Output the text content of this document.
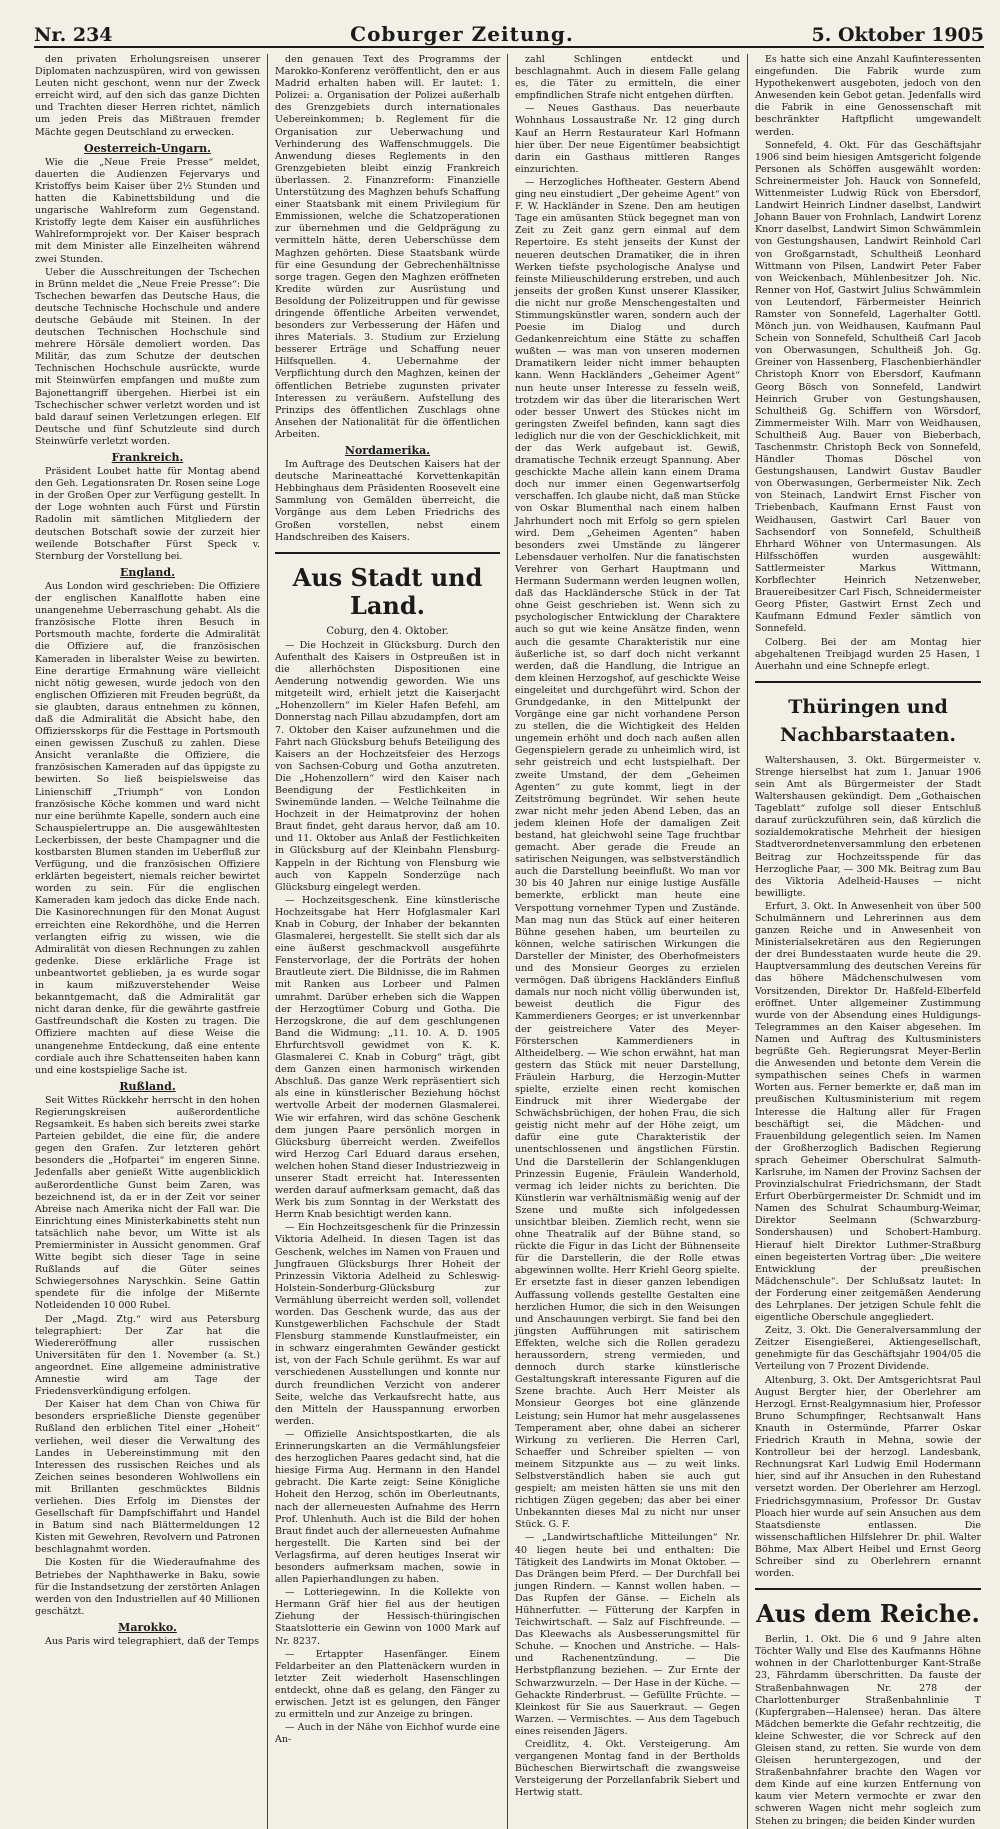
Nr. 234	Coburger Zeitung.	5. Oktober 1905

den privaten Erholungsreisen unserer Diplomaten nachzuspüren, wird von gewissen Leuten nicht geschont, wenn nur der Zweck erreicht wird, auf den sich das ganze Dichten und Trachten dieser Herren richtet, nämlich um jeden Preis das Mißtrauen fremder Mächte gegen Deutschland zu erwecken.

Oesterreich-Ungarn.

Wie die „Neue Freie Presse“ meldet, dauerten die Audienzen Fejervarys und Kristoffys beim Kaiser über 2½ Stunden und hatten die Kabinettsbildung und die ungarische Wahlreform zum Gegenstand. Kristoffy legte dem Kaiser ein ausführliches Wahlreformprojekt vor. Der Kaiser besprach mit dem Minister alle Einzelheiten während zwei Stunden.

Ueber die Ausschreitungen der Tschechen in Brünn meldet die „Neue Freie Presse“: Die Tschechen bewarfen das Deutsche Haus, die deutsche Technische Hochschule und andere deutsche Gebäude mit Steinen. In der deutschen Technischen Hochschule sind mehrere Hörsäle demoliert worden. Das Militär, das zum Schutze der deutschen Technischen Hochschule ausrückte, wurde mit Steinwürfen empfangen und mußte zum Bajonettangriff übergehen. Hierbei ist ein Tschechischer schwer verletzt worden und ist bald darauf seinen Verletzungen erlegen. Elf Deutsche und fünf Schutzleute sind durch Steinwürfe verletzt worden.

Frankreich.

Präsident Loubet hatte für Montag abend den Geh. Legationsraten Dr. Rosen seine Loge in der Großen Oper zur Verfügung gestellt. In der Loge wohnten auch Fürst und Fürstin Radolin mit sämtlichen Mitgliedern der deutschen Botschaft sowie der zurzeit hier weilende Botschafter Fürst Speck v. Sternburg der Vorstellung bei.

England.

Aus London wird geschrieben: Die Offiziere der englischen Kanalflotte haben eine unangenehme Ueberraschung gehabt. Als die französische Flotte ihren Besuch in Portsmouth machte, forderte die Admiralität die Offiziere auf, die französischen Kameraden in liberalster Weise zu bewirten. Eine derartige Ermahnung wäre vielleicht nicht nötig gewesen, wurde jedoch von den englischen Offizieren mit Freuden begrüßt, da sie glaubten, daraus entnehmen zu können, daß die Admiralität die Absicht habe, den Offiziersskorps für die Festtage in Portsmouth einen gewissen Zuschuß zu zahlen. Diese Ansicht veranlaßte die Offiziere, die französischen Kameraden auf das üppigste zu bewirten. So ließ beispielsweise das Linienschiff „Triumph“ von London französische Köche kommen und ward nicht nur eine berühmte Kapelle, sondern auch eine Schauspielertruppe an. Die ausgewähltesten Leckerbissen, der beste Champagner und die kostbarsten Blumen standen im Ueberfluß zur Verfügung, und die französischen Offiziere erklärten begeistert, niemals reicher bewirtet worden zu sein. Für die englischen Kameraden kam jedoch das dicke Ende nach. Die Kasinorechnungen für den Monat August erreichten eine Rekordhöhe, und die Herren verlangten eifrig zu wissen, wie die Admiralität von diesen Rechnungen zu zahlen gedenke. Diese erklärliche Frage ist unbeantwortet geblieben, ja es wurde sogar in kaum mißzuverstehender Weise bekanntgemacht, daß die Admiralität gar nicht daran denke, für die gewährte gastfreie Gastfreundschaft die Kosten zu tragen. Die Offiziere machten auf diese Weise die unangenehme Entdeckung, daß eine entente cordiale auch ihre Schattenseiten haben kann und eine kostspielige Sache ist.

Rußland.

Seit Wittes Rückkehr herrscht in den hohen Regierungskreisen außerordentliche Regsamkeit. Es haben sich bereits zwei starke Parteien gebildet, die eine für, die andere gegen den Grafen. Zur letzteren gehört besonders die „Hofpartei“ im engeren Sinne. Jedenfalls aber genießt Witte augenblicklich außerordentliche Gunst beim Zaren, was bezeichnend ist, da er in der Zeit vor seiner Abreise nach Amerika nicht der Fall war. Die Einrichtung eines Ministerkabinetts steht nun tatsächlich nahe bevor, um Witte ist als Premierminister in Aussicht genommen. Graf Witte begibt sich dieser Tage in seine Rußlands auf die Güter seines Schwiegersohnes Naryschkin. Seine Gattin spendete für die infolge der Mißernte Notleidenden 10 000 Rubel.

Der „Magd. Ztg.“ wird aus Petersburg telegraphiert: Der Zar hat die Wiedereröffnung aller russischen Universitäten für den 1. November (a. St.) angeordnet. Eine allgemeine administrative Amnestie wird am Tage der Friedensverkündigung erfolgen.

Der Kaiser hat dem Chan von Chiwa für besonders ersprießliche Dienste gegenüber Rußland den erblichen Titel einer „Hoheit“ verliehen, weil dieser die Verwaltung des Landes in Uebereinstimmung mit den Interessen des russischen Reiches und als Zeichen seines besonderen Wohlwollens ein mit Brillanten geschmücktes Bildnis verliehen. Dies Erfolg im Dienstes der Gesellschaft für Dampfschiffahrt und Handel in Batum sind nach Blättermeldungen 12 Kisten mit Gewehren, Revolvern und Patronen beschlagnahmt worden.

Die Kosten für die Wiederaufnahme des Betriebes der Naphthawerke in Baku, sowie für die Instandsetzung der zerstörten Anlagen werden von den Industriellen auf 40 Millionen geschätzt.

Marokko.

Aus Paris wird telegraphiert, daß der Temps

den genauen Text des Programms der Marokko-Konferenz veröffentlicht, den er aus Madrid erhalten haben will. Er lautet: 1. Polizei: a. Organisation der Polizei außerhalb des Grenzgebiets durch internationales Uebereinkommen; b. Reglement für die Organisation zur Ueberwachung und Verhinderung des Waffenschmuggels. Die Anwendung dieses Reglements in den Grenzgebieten bleibt einzig Frankreich überlassen. 2. Finanzreform: Finanzielle Unterstützung des Maghzen behufs Schaffung einer Staatsbank mit einem Privilegium für Emmissionen, welche die Schatzoperationen zur übernehmen und die Geldprägung zu vermitteln hätte, deren Ueberschüsse dem Maghzen gehörten. Diese Staatsbank würde für eine Gesundung der Gebrechenhältnisse sorge tragen. Gegen den Maghzen eröffneten Kredite würden zur Ausrüstung und Besoldung der Polizeitruppen und für gewisse dringende öffentliche Arbeiten verwendet, besonders zur Verbesserung der Häfen und ihres Materials. 3. Studium zur Erzielung besserer Erträge und Schaffung neuer Hilfsquellen. 4. Uebernahme der Verpflichtung durch den Maghzen, keinen der öffentlichen Betriebe zugunsten privater Interessen zu veräußern. Aufstellung des Prinzips des öffentlichen Zuschlags ohne Ansehen der Nationalität für die öffentlichen Arbeiten.

Nordamerika.

Im Auftrage des Deutschen Kaisers hat der deutsche Marineattaché Korvettenkapitän Hebbinghaus dem Präsidenten Roosevelt eine Sammlung von Gemälden überreicht, die Vorgänge aus dem Leben Friedrichs des Großen vorstellen, nebst einem Handschreiben des Kaisers.

Aus Stadt und Land.
Coburg, den 4. Oktober.

— Die Hochzeit in Glücksburg. Durch den Aufenthalt des Kaisers in Ostpreußen ist in die allerhöchsten Dispositionen eine Aenderung notwendig geworden. Wie uns mitgeteilt wird, erhielt jetzt die Kaiserjacht „Hohenzollern“ im Kieler Hafen Befehl, am Donnerstag nach Pillau abzudampfen, dort am 7. Oktober den Kaiser aufzunehmen und die Fahrt nach Glücksburg behufs Beteiligung des Kaisers an der Hochzeitsfeier des Herzogs von Sachsen-Coburg und Gotha anzutreten. Die „Hohenzollern“ wird den Kaiser nach Beendigung der Festlichkeiten in Swinemünde landen. — Welche Teilnahme die Hochzeit in der Heimatprovinz der hohen Braut findet, geht daraus hervor, daß am 10. und 11. Oktober aus Anlaß der Festlichkeiten in Glücksburg auf der Kleinbahn Flensburg-Kappeln in der Richtung von Flensburg wie auch von Kappeln Sonderzüge nach Glücksburg eingelegt werden.

— Hochzeitsgeschenk. Eine künstlerische Hochzeitsgabe hat Herr Hofglasmaler Karl Knab in Coburg, der Inhaber der bekannten Glasmalerei, hergestellt. Sie stellt sich dar als eine äußerst geschmackvoll ausgeführte Fenstervorlage, der die Porträts der hohen Brautleute ziert. Die Bildnisse, die im Rahmen mit Ranken aus Lorbeer und Palmen umrahmt. Darüber erheben sich die Wappen der Herzogtümer Coburg und Gotha. Die Herzogskrone, die auf dem geschlungenen Band die Widmung: „11. 10. A. D. 1905 Ehrfurchtsvoll gewidmet von K. K. Glasmalerei C. Knab in Coburg“ trägt, gibt dem Ganzen einen harmonisch wirkenden Abschluß. Das ganze Werk repräsentiert sich als eine in künstlerischer Beziehung höchst wertvolle Arbeit der modernen Glasmalerei. Wie wir erfahren, wird das schöne Geschenk dem jungen Paare persönlich morgen in Glücksburg überreicht werden. Zweifellos wird Herzog Carl Eduard daraus ersehen, welchen hohen Stand dieser Industriezweig in unserer Stadt erreicht hat. Interessenten werden darauf aufmerksam gemacht, daß das Werk bis zum Sonntag in der Werkstatt des Herrn Knab besichtigt werden kann.

— Ein Hochzeitsgeschenk für die Prinzessin Viktoria Adelheid. In diesen Tagen ist das Geschenk, welches im Namen von Frauen und Jungfrauen Glücksburgs Ihrer Hoheit der Prinzessin Viktoria Adelheid zu Schleswig-Holstein-Sonderburg-Glücksburg zur Vermählung überreicht werden soll, vollendet worden. Das Geschenk wurde, das aus der Kunstgewerblichen Fachschule der Stadt Flensburg stammende Kunstlaufmeister, ein in schwarz eingerahmten Gewänder gestickt ist, von der Fach Schule gerühmt. Es war auf verschiedenen Ausstellungen und konnte nur durch freundlichen Verzicht von anderer Seite, welche das Verkaufsrecht hatte, aus den Mitteln der Hausspannung erworben werden.

— Offizielle Ansichtspostkarten, die als Erinnerungskarten an die Vermählungsfeier des herzoglichen Paares gedacht sind, hat die hiesige Firma Aug. Hermann in den Handel gebracht. Die Karte zeigt: Seine Königliche Hoheit den Herzog, schön im Oberleutnants, nach der allerneuesten Aufnahme des Herrn Prof. Uhlenhuth. Auch ist die Bild der hohen Braut findet auch der allerneuesten Aufnahme hergestellt. Die Karten sind bei der Verlagsfirma, auf deren heutiges Inserat wir besonders aufmerksam machen, sowie in allen Papierhandlungen zu haben.

— Lotteriegewinn. In die Kollekte von Hermann Gräf hier fiel aus der heutigen Ziehung der Hessisch-thüringischen Staatslotterie ein Gewinn von 1000 Mark auf Nr. 8237.

— Ertappter Hasenfänger. Einem Feldarbeiter an den Plattenäckern wurden in letzter Zeit wiederholt Hasenschlingen entdeckt, ohne daß es gelang, den Fänger zu erwischen. Jetzt ist es gelungen, den Fänger zu ermitteln und zur Anzeige zu bringen.

— Auch in der Nähe von Eichhof wurde eine An-

zahl Schlingen entdeckt und beschlagnahmt. Auch in diesem Falle gelang es, die Täter zu ermitteln, die einer empfindlichen Strafe nicht entgehen dürften.

— Neues Gasthaus. Das neuerbaute Wohnhaus Lossaustraße Nr. 12 ging durch Kauf an Herrn Restaurateur Karl Hofmann hier über. Der neue Eigentümer beabsichtigt darin ein Gasthaus mittleren Ranges einzurichten.

— Herzogliches Hoftheater. Gestern Abend ging neu einstudiert „Der geheime Agent“ von F. W. Hackländer in Szene. Den am heutigen Tage ein amüsanten Stück begegnet man von Zeit zu Zeit ganz gern einmal auf dem Repertoire. Es steht jenseits der Kunst der neueren deutschen Dramatiker, die in ihren Werken tiefste psychologische Analyse und feinste Milieuschilderung erstreben, und auch jenseits der großen Kunst unserer Klassiker, die nicht nur große Menschengestalten und Stimmungskünstler waren, sondern auch der Poesie im Dialog und durch Gedankenreichtum eine Stätte zu schaffen wußten — was man von unseren modernen Dramatikern leider nicht immer behaupten kann. Wenn Hackländers „Geheimer Agent“ nun heute unser Interesse zu fesseln weiß, trotzdem wir das über die literarischen Wert oder besser Unwert des Stückes nicht im geringsten Zweifel befinden, kann sagt dies lediglich nur die von der Geschicklichkeit, mit der das Werk aufgebaut ist. Gewiß, dramatische Technik erzeugt Spannung. Aber geschickte Mache allein kann einem Drama doch nur immer einen Gegenwartserfolg verschaffen. Ich glaube nicht, daß man Stücke von Oskar Blumenthal nach einem halben Jahrhundert noch mit Erfolg so gern spielen wird. Dem „Geheimen Agenten“ haben besonders zwei Umstände zu längerer Lebensdauer verholfen. Nur die fanatischsten Verehrer von Gerhart Hauptmann und Hermann Sudermann werden leugnen wollen, daß das Hackländersche Stück in der Tat ohne Geist geschrieben ist. Wenn sich zu psychologischer Entwicklung der Charaktere auch so gut wie keine Ansätze finden, wenn auch die gesamte Charakteristik nur eine äußerliche ist, so darf doch nicht verkannt werden, daß die Handlung, die Intrigue an dem kleinen Herzogshof, auf geschickte Weise eingeleitet und durchgeführt wird. Schon der Grundgedanke, in den Mittelpunkt der Vorgänge eine gar nicht vorhandene Person zu stellen, die die Wichtigkeit des Helden ungemein erhöht und doch nach außen allen Gegenspielern gerade zu unheimlich wird, ist sehr geistreich und echt lustspielhaft. Der zweite Umstand, der dem „Geheimen Agenten“ zu gute kommt, liegt in der Zeitströmung begründet. Wir sehen heute zwar nicht mehr jeden Abend Leben, das an jedem kleinen Hofe der damaligen Zeit bestand, hat gleichwohl seine Tage fruchtbar gemacht. Aber gerade die Freude an satirischen Neigungen, was selbstverständlich auch die Darstellung beeinflußt. Wo man vor 30 bis 40 Jahren nur einige lustige Ausfälle bemerkte, erblickt man heute eine Verspottung vornehmer Typen und Zustände. Man mag nun das Stück auf einer heiteren Bühne gesehen haben, um beurteilen zu können, welche satirischen Wirkungen die Darsteller der Minister, des Oberhofmeisters und des Monsieur Georges zu erzielen vermögen. Daß übrigens Hackländers Einfluß damals nur noch nicht völlig überwunden ist, beweist deutlich die Figur des Kammerdieners Georges; er ist unverkennbar der geistreichere Vater des Meyer-Försterschen Kammerdieners in Altheidelberg. — Wie schon erwähnt, hat man gestern das Stück mit neuer Darstellung, Fräulein Harburg, die Herzogin-Mutter spielte, erzielte einen recht komischen Eindruck mit ihrer Wiedergabe der Schwächsbrüchigen, der hohen Frau, die sich geistig nicht mehr auf der Höhe zeigt, um dafür eine gute Charakteristik der unentschlossenen und ängstlichen Fürstin. Und die Darstellerin der Schlangenklugen Prinzessin Eugenie, Fräulein Wanderhold, vermag ich leider nichts zu berichten. Die Künstlerin war verhältnismäßig wenig auf der Szene und mußte sich infolgedessen unsichtbar bleiben. Ziemlich recht, wenn sie ohne Theatralik auf der Bühne stand, so rückte die Figur in das Licht der Bühnenseite für die Darstellerin, die der Rolle etwas abgewinnen wollte. Herr Kriehl Georg spielte. Er ersetzte fast in dieser ganzen lebendigen Auffassung vollends gestellte Gestalten eine herzlichen Humor, die sich in den Weisungen und Anschauungen verbirgt. Sie fand bei den jüngsten Aufführungen mit satirischem Effekten, welche sich die Rollen geradezu heraussordern, streng vermieden, und dennoch durch starke künstlerische Gestaltungskraft interessante Figuren auf die Szene brachte. Auch Herr Meister als Monsieur Georges bot eine glänzende Leistung; sein Humor hat mehr ausgelassenes Temperament aber, ohne dabei an sicherer Wirkung zu verlieren. Die Herren Carl, Schaeffer und Schreiber spielten — von meinem Sitzpunkte aus — zu weit links. Selbstverständlich haben sie auch gut gespielt; am meisten hätten sie uns mit den richtigen Zügen gegeben; das aber bei einer Unbekannten dieses Mal zu nicht nur unser Stück. G. F.

— „Landwirtschaftliche Mitteilungen“ Nr. 40 liegen heute bei und enthalten: Die Tätigkeit des Landwirts im Monat Oktober. — Das Drängen beim Pferd. — Der Durchfall bei jungen Rindern. — Kannst wollen haben. — Das Rupfen der Gänse. — Eicheln als Hühnerfutter. — Fütterung der Karpfen in Teichwirtschaft. — Salz auf Fischfreunde. — Das Kleewachs als Ausbesserungsmittel für Schuhe. — Knochen und Anstriche. — Hals- und Rachenentzündung. — Die Herbstpflanzung beziehen. — Zur Ernte der Schwarzwurzeln. — Der Hase in der Küche. — Gehackte Rinderbrust. — Gefüllte Früchte. — Kleinkost für Sie aus Sauerkraut. — Gegen Warzen. — Vermischtes. — Aus dem Tagebuch eines reisenden Jägers.

Creidlitz, 4. Okt. Versteigerung. Am vergangenen Montag fand in der Bertholds Bücheschen Bierwirtschaft die zwangsweise Versteigerung der Porzellanfabrik Siebert und Hertwig statt.

Es hatte sich eine Anzahl Kaufinteressenten eingefunden. Die Fabrik wurde zum Hypothekenwert ausgeboten, jedoch von den Anwesenden kein Gebot getan. Jedenfalls wird die Fabrik in eine Genossenschaft mit beschränkter Haftpflicht umgewandelt werden.

Sonnefeld, 4. Okt. Für das Geschäftsjahr 1906 sind beim hiesigen Amtsgericht folgende Personen als Schöffen ausgewählt worden: Schreinermeister Joh. Hauck von Sonnefeld, Wittenmeister Ludwig Rück von Ebersdorf, Landwirt Heinrich Lindner daselbst, Landwirt Johann Bauer von Frohnlach, Landwirt Lorenz Knorr daselbst, Landwirt Simon Schwämmlein von Gestungshausen, Landwirt Reinhold Carl von Großgarnstadt, Schultheiß Leonhard Wittmann von Pilsen, Landwirt Peter Faber von Weickenbach, Mühlenbesitzer Joh. Nic. Renner von Hof, Gastwirt Julius Schwämmlein von Leutendorf, Färbermeister Heinrich Ramster von Sonnefeld, Lagerhalter Gottl. Mönch jun. von Weidhausen, Kaufmann Paul Schein von Sonnefeld, Schultheiß Carl Jacob von Oberwasungen, Schultheiß Joh. Gg. Greiner von Hassenberg, Flaschenbierhändler Christoph Knorr von Ebersdorf, Kaufmann Georg Bösch von Sonnefeld, Landwirt Heinrich Gruber von Gestungshausen, Schultheiß Gg. Schiffern von Wörsdorf, Zimmermeister Wilh. Marr von Weidhausen, Schultheiß Aug. Bauer von Bieberbach, Taschenmstr. Christoph Beck von Sonnefeld, Händler Thomas Döschel von Gestungshausen, Landwirt Gustav Baudler von Oberwasungen, Gerbermeister Nik. Zech von Steinach, Landwirt Ernst Fischer von Triebenbach, Kaufmann Ernst Faust von Weidhausen, Gastwirt Carl Bauer von Sachsendorf von Sonnefeld, Schultheiß Ehrhard Wöhner von Untermasungen. Als Hilfsschöffen wurden ausgewählt: Sattlermeister Markus Wittmann, Korbflechter Heinrich Netzenweber, Brauereibesitzer Carl Fisch, Schneidermeister Georg Pfister, Gastwirt Ernst Zech und Kaufmann Edmund Fexler sämtlich von Sonnefeld.

Colberg. Bei der am Montag hier abgehaltenen Treibjagd wurden 25 Hasen, 1 Auerhahn und eine Schnepfe erlegt.

Thüringen und Nachbarstaaten.

Waltershausen, 3. Okt. Bürgermeister v. Strenge hierselbst hat zum 1. Januar 1906 sein Amt als Bürgermeister der Stadt Waltershausen gekündigt. Dem „Gothaischen Tageblatt“ zufolge soll dieser Entschluß darauf zurückzuführen sein, daß kürzlich die sozialdemokratische Mehrheit der hiesigen Stadtverordnetenversammlung den erbetenen Beitrag zur Hochzeitsspende für das Herzogliche Paar, — 300 Mk. Beitrag zum Bau des Viktoria Adelheid-Hauses — nicht bewilligte.

Erfurt, 3. Okt. In Anwesenheit von über 500 Schulmännern und Lehrerinnen aus dem ganzen Reiche und in Anwesenheit von Ministerialsekretären aus den Regierungen der drei Bundesstaaten wurde heute die 29. Hauptversammlung des deutschen Vereins für das höhere Mädchenschulwesen vom Vorsitzenden, Direktor Dr. Haßfeld-Elberfeld eröffnet. Unter allgemeiner Zustimmung wurde von der Absendung eines Huldigungs-Telegrammes an den Kaiser abgesehen. Im Namen und Auftrag des Kultusministers begrüßte Geh. Regierungsrat Meyer-Berlin die Anwesenden und betonte dem Verein die sympathischen seines Chefs in warmen Worten aus. Ferner bemerkte er, daß man im preußischen Kultusministerium mit regem Interesse die Haltung aller für Fragen beschäftigt sei, die Mädchen- und Frauenbildung gelegentlich seien. Im Namen der Großherzoglich Badischen Regierung sprach Geheimer Oberschulrat Salmuth-Karlsruhe, im Namen der Provinz Sachsen der Provinzialschulrat Friedrichsmann, der Stadt Erfurt Oberbürgermeister Dr. Schmidt und im Namen des Schulrat Schaumburg-Weimar, Direktor Seelmann (Schwarzburg-Sondershausen) und Schobert-Hamburg. Hierauf hielt Direktor Luthmer-Straßburg einen begeisterten Vortrag über: „Die weitere Entwicklung der preußischen Mädchenschule“. Der Schlußsatz lautet: In der Forderung einer zeitgemäßen Aenderung des Lehrplanes. Der jetzigen Schule fehlt die eigentliche Oberschule angegliedert.

Zeitz, 3. Okt. Die Generalversammlung der Zeitzer Eisengießerei, Aktiengesellschaft, genehmigte für das Geschäftsjahr 1904/05 die Verteilung von 7 Prozent Dividende.

Altenburg, 3. Okt. Der Amtsgerichtsrat Paul August Bergter hier, der Oberlehrer am Herzogl. Ernst-Realgymnasium hier, Professor Bruno Schumpfinger, Rechtsanwalt Hans Knauth in Ostermünde, Pfarrer Oskar Friedrich Krauth in Mehna, sowie der Kontrolleur bei der herzogl. Landesbank, Rechnungsrat Karl Ludwig Emil Hodermann hier, sind auf ihr Ansuchen in den Ruhestand versetzt worden. Der Oberlehrer am Herzogl. Friedrichsgymnasium, Professor Dr. Gustav Ploach hier wurde auf sein Ansuchen aus dem Staatsdienste entlassen. Die wissenschaftlichen Hilfslehrer Dr. phil. Walter Böhme, Max Albert Heibel und Ernst Georg Schreiber sind zu Oberlehrern ernannt worden.

Aus dem Reiche.

Berlin, 1. Okt. Die 6 und 9 Jahre alten Töchter Wally und Else des Kaufmanns Höhne wohnen in der Charlottenburger Kant-Straße 23, Fährdamm überschritten. Da fauste der Straßenbahnwagen Nr. 278 der Charlottenburger Straßenbahnlinie T (Kupfergraben—Halensee) heran. Das ältere Mädchen bemerkte die Gefahr rechtzeitig, die kleine Schwester, die vor Schreck auf den Gleisen stand, zu retten. Sie wurde von dem Gleisen heruntergezogen, und der Straßenbahnfahrer brachte den Wagen vor dem Kinde auf eine kurzen Entfernung von kaum vier Metern vermochte er zwar den schweren Wagen nicht mehr sogleich zum Stehen zu bringen; die beiden Kinder wurden
